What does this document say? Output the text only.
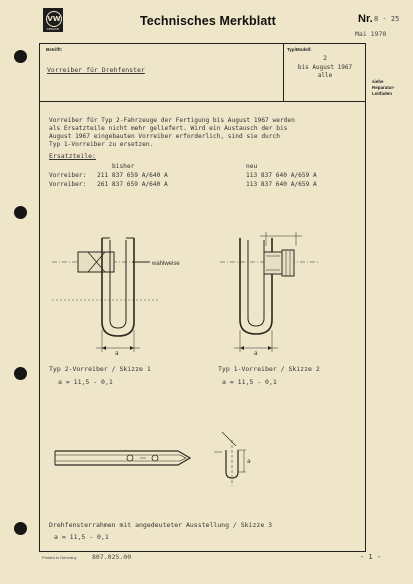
VW
SERVICE
Technisches Merkblatt	Nr. 8 - 25
Mai 1970
Betrifft:
Vorreiber für Drehfenster
Typ/Modell:
2
bis August 1967
alle
siehe
Reparatur-
Leitfaden
Vorreiber für Typ 2-Fahrzeuge der Fertigung bis August 1967 werden
als Ersatzteile nicht mehr geliefert. Wird ein Austausch der bis
August 1967 eingebauten Vorreiber erforderlich, sind sie durch
Typ 1-Vorreiber zu ersetzen.
Ersatzteile:
bisher	neu
Vorreiber: 211 837 659 A/640 A	113 837 640 A/659 A
Vorreiber: 261 837 659 A/640 A	113 837 640 A/659 A
wahlweise
a	a
a
Typ 2-Vorreiber / Skizze 1
a = 11,5 - 0,1
Typ 1-Vorreiber / Skizze 2
a = 11,5 - 0,1
Drehfensterrahmen mit angedeuteter Ausstellung / Skizze 3
a = 11,5 - 0,1
Printed in Germany 807.025.00	- 1 -
